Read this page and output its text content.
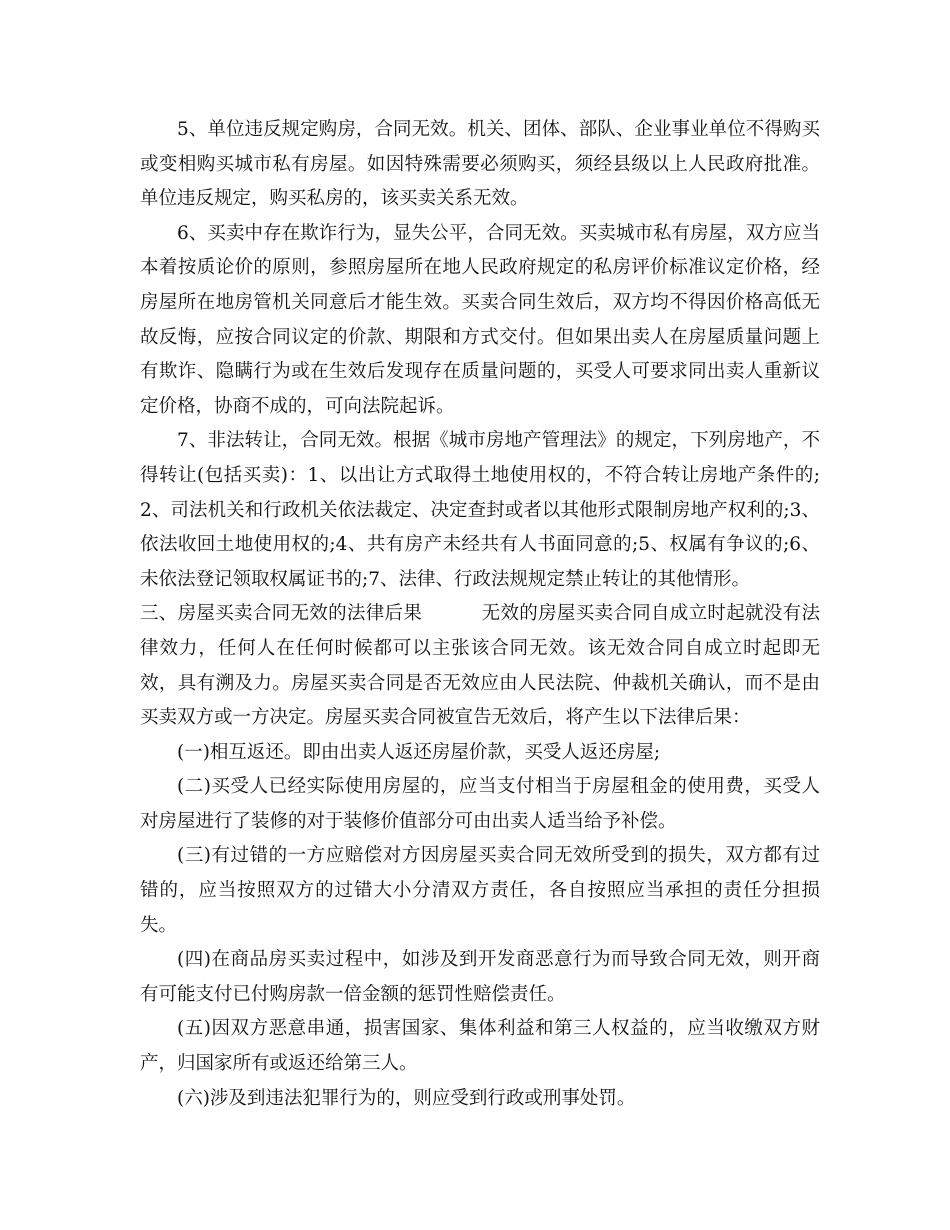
5、单位违反规定购房，合同无效。机关、团体、部队、企业事业单位不得购买或变相购买城市私有房屋。如因特殊需要必须购买，须经县级以上人民政府批准。单位违反规定，购买私房的，该买卖关系无效。

6、买卖中存在欺诈行为，显失公平，合同无效。买卖城市私有房屋，双方应当本着按质论价的原则，参照房屋所在地人民政府规定的私房评价标准议定价格，经房屋所在地房管机关同意后才能生效。买卖合同生效后，双方均不得因价格高低无故反悔，应按合同议定的价款、期限和方式交付。但如果出卖人在房屋质量问题上有欺诈、隐瞒行为或在生效后发现存在质量问题的，买受人可要求同出卖人重新议定价格，协商不成的，可向法院起诉。

7、非法转让，合同无效。根据《城市房地产管理法》的规定，下列房地产，不得转让(包括买卖)：1、以出让方式取得土地使用权的，不符合转让房地产条件的;2、司法机关和行政机关依法裁定、决定查封或者以其他形式限制房地产权利的;3、依法收回土地使用权的;4、共有房产未经共有人书面同意的;5、权属有争议的;6、未依法登记领取权属证书的;7、法律、行政法规规定禁止转让的其他情形。

三、房屋买卖合同无效的法律后果	无效的房屋买卖合同自成立时起就没有法律效力，任何人在任何时候都可以主张该合同无效。该无效合同自成立时起即无效，具有溯及力。房屋买卖合同是否无效应由人民法院、仲裁机关确认，而不是由买卖双方或一方决定。房屋买卖合同被宣告无效后，将产生以下法律后果：

(一)相互返还。即由出卖人返还房屋价款，买受人返还房屋;

(二)买受人已经实际使用房屋的，应当支付相当于房屋租金的使用费，买受人对房屋进行了装修的对于装修价值部分可由出卖人适当给予补偿。

(三)有过错的一方应赔偿对方因房屋买卖合同无效所受到的损失，双方都有过错的，应当按照双方的过错大小分清双方责任，各自按照应当承担的责任分担损失。

(四)在商品房买卖过程中，如涉及到开发商恶意行为而导致合同无效，则开商有可能支付已付购房款一倍金额的惩罚性赔偿责任。

(五)因双方恶意串通，损害国家、集体利益和第三人权益的，应当收缴双方财产，归国家所有或返还给第三人。

(六)涉及到违法犯罪行为的，则应受到行政或刑事处罚。
